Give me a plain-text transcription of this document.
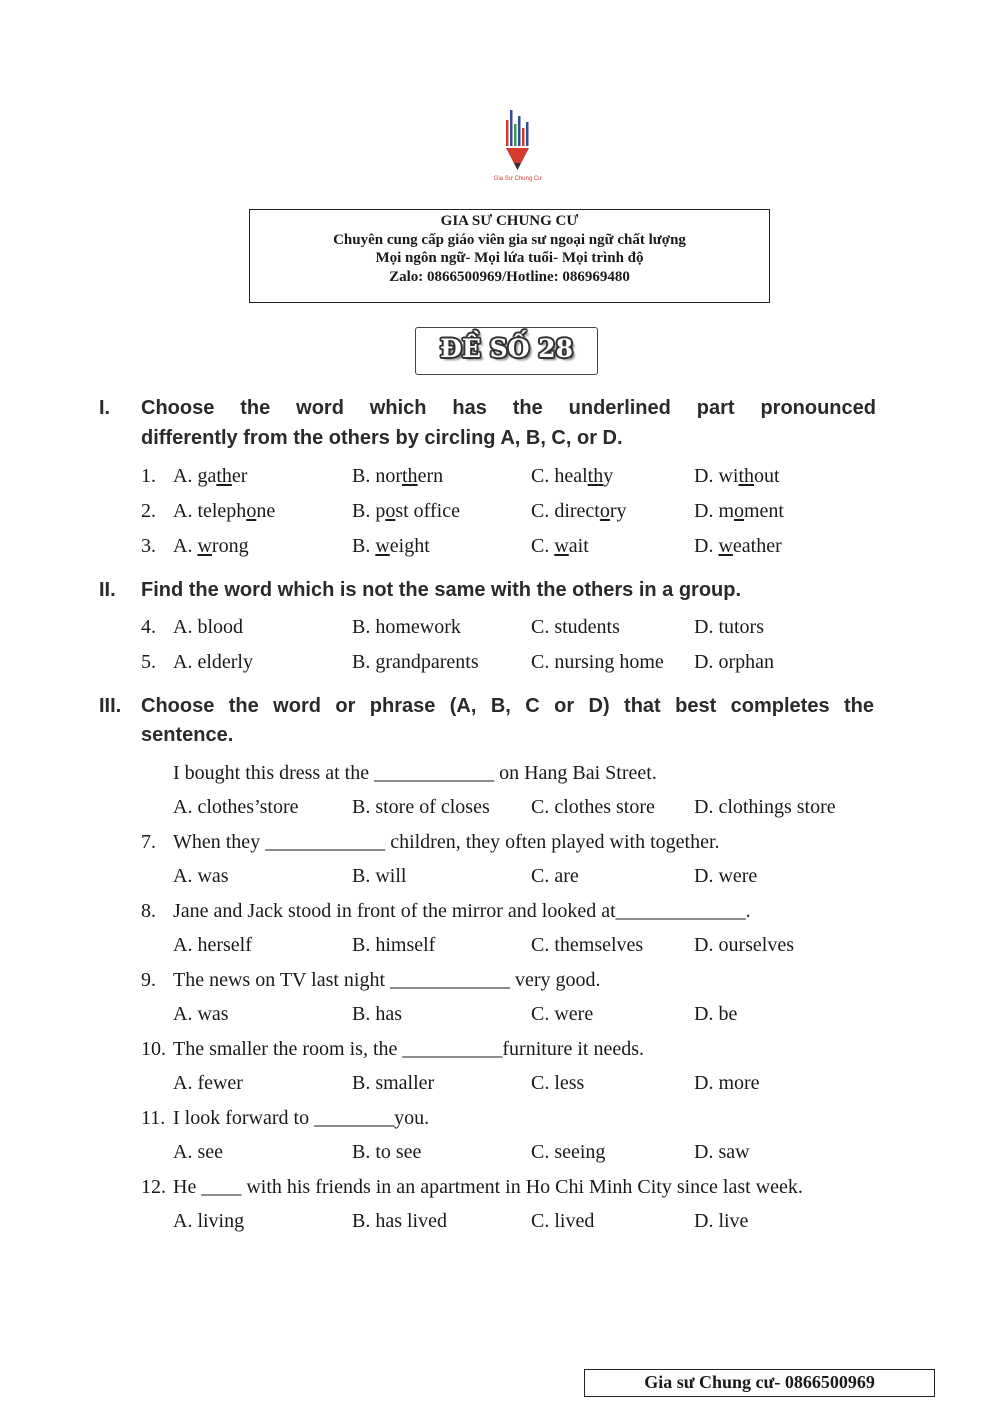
Gia Sư Chung Cư
GIA SƯ CHUNG CƯ
Chuyên cung cấp giáo viên gia sư ngoại ngữ chất lượng
Mọi ngôn ngữ- Mọi lứa tuổi- Mọi trình độ
Zalo: 0866500969/Hotline: 086969480
ĐỀ SỐ 28
I. Choose the word which has the underlined part pronounced
differently from the others by circling A, B, C, or D.
1. A. gather	B. northern	C. healthy	D. without
2. A. telephone	B. post office	C. directory	D. moment
3. A. wrong	B. weight	C. wait	D. weather
II. Find the word which is not the same with the others in a group.
4. A. blood	B. homework	C. students	D. tutors
5. A. elderly	B. grandparents	C. nursing home D. orphan
III. Choose the word or phrase (A, B, C or D) that best completes the
sentence.
I bought this dress at the ____________ on Hang Bai Street.
A. clothes’store	B. store of closes C. clothes store D. clothings store
7. When they ____________ children, they often played with together.
A. was	B. will	C. are	D. were
8. Jane and Jack stood in front of the mirror and looked at_____________.
A. herself	B. himself	C. themselves	D. ourselves
9. The news on TV last night ____________ very good.
A. was	B. has	C. were	D. be
10. The smaller the room is, the __________furniture it needs.
A. fewer	B. smaller	C. less	D. more
11. I look forward to ________you.
A. see	B. to see	C. seeing	D. saw
12. He ____ with his friends in an apartment in Ho Chi Minh City since last week.
A. living	B. has lived	C. lived	D. live
Gia sư Chung cư- 0866500969
